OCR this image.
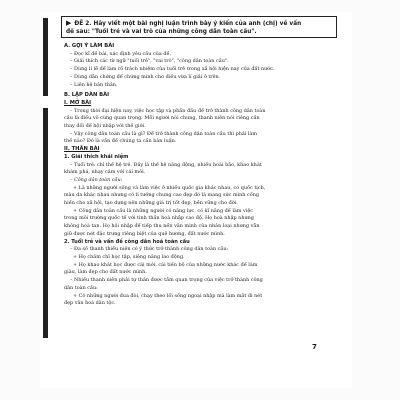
▶ ĐỀ 2. Hãy viết một bài nghị luận trình bày ý kiến của anh (chị) về vấn
đề sau: "Tuổi trẻ và vai trò của những công dân toàn cầu".
A. GỢI Ý LÀM BÀI
– Đọc kĩ đề bài, xác định yêu cầu của đề.
– Giải thích các từ ngữ "tuổi trẻ", "vai trò", "công dân toàn cầu".
– Dùng lí lẽ để làm rõ trách nhiệm của tuổi trẻ trong xã hội hiện nay của đất nước.
– Dùng dẫn chứng để chứng minh cho điều vừa lí giải ở trên.
– Liên hệ bản thân.
B. LẬP DÀN BÀI
I. MỞ BÀI
– Trong thời đại hiện nay, việc học tập và phấn đấu để trở thành công dân toàn
cầu là điều vô cùng quan trọng. Mỗi người nói chung, thanh niên nói riêng cần
thay đổi để hội nhập với thế giới.
– Vậy công dân toàn cầu là gì? Để trở thành công dân toàn cầu thì phải làm
thế nào? Đó là vấn đề chúng ta cần bàn luận.
II. THÂN BÀI
1. Giải thích khái niệm
– Tuổi trẻ: chỉ thế hệ trẻ. Đây là thế hệ năng động, nhiều hoài bão, khao khát
khám phá, nhạy cảm với cái mới.
– Công dân toàn cầu:
+ Là những người sống và làm việc ở nhiều quốc gia khác nhau, có quốc tịch,
màu da khác nhau nhưng có lí tưởng chung cao đẹp đó là mang sức mình cống
hiến cho xã hội, tạo dựng nên những giá trị tốt đẹp, bền vững cho đời.
+ Công dân toàn cầu là những người có năng lực, có kĩ năng để làm việc
trong môi trường quốc tế với tinh thần hoà nhập cao độ. Họ hoà nhập nhưng
không hoà tan. Họ hội nhập để tiếp thu nền văn minh của nhân loại nhưng vẫn
giữ được nét đặc trưng riêng biệt của quê hương, đất nước mình.
2. Tuổi trẻ và vấn đề công dân hoá toàn cầu
– Đa số thanh thiếu niên có ý thức trở thành công dân toàn cầu:
+ Họ chăm chỉ học tập, siêng năng lao động.
+ Họ khao khát học được cái mới, cái tiến bộ của những nước khác để làm
giàu, làm đẹp cho đất nước mình.
– Nhiều thanh niên phải tự thân được tầm quan trọng của việc trở thành công
dân toàn cầu:
+ Có những người đua đòi, chạy theo lối sống ngoại nhập mà làm mất đi nét
đẹp văn hoá dân tộc.
7
